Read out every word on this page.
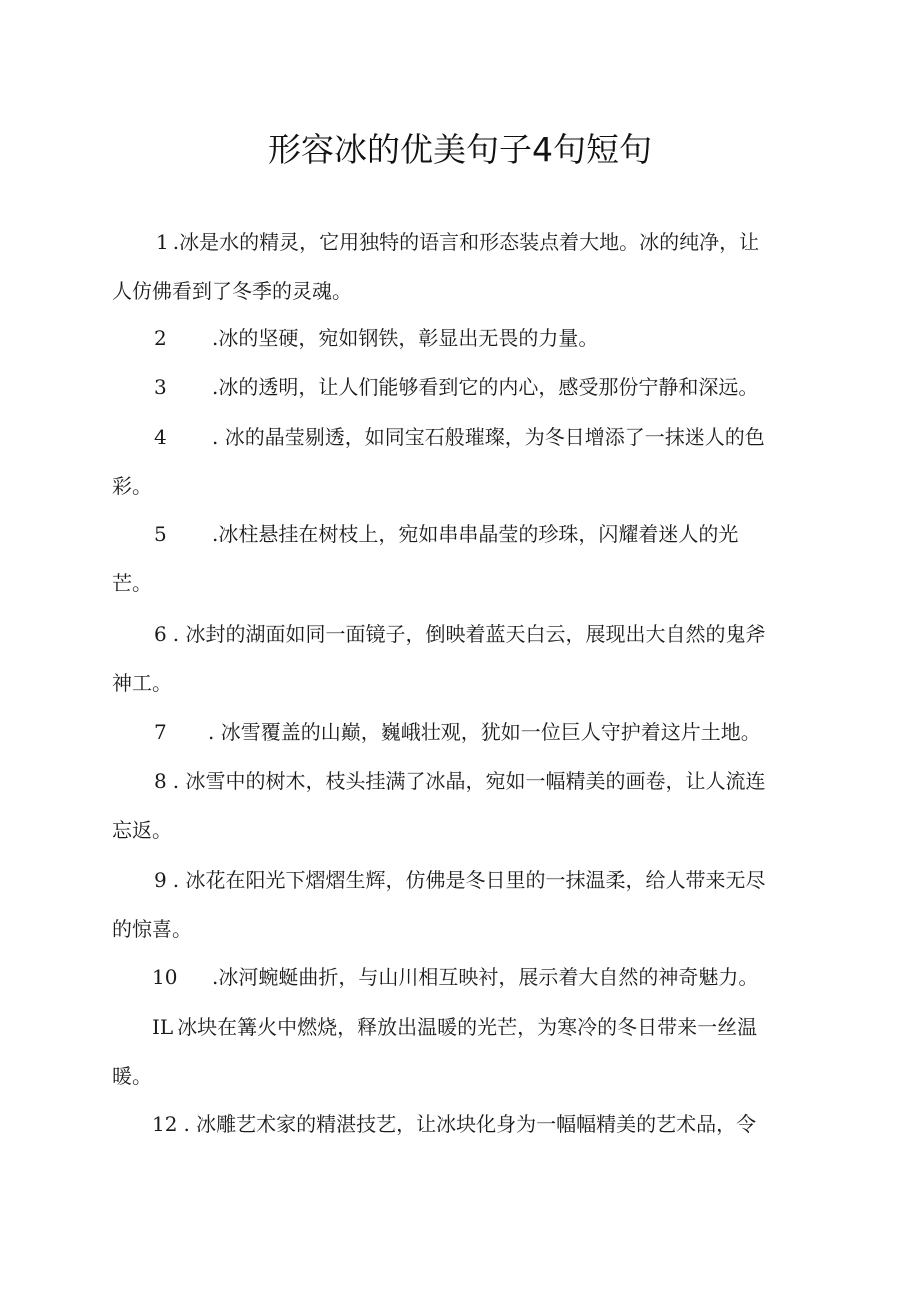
形容冰的优美句子4句短句
1 .冰是水的精灵，它用独特的语言和形态装点着大地。冰的纯净，让
人仿佛看到了冬季的灵魂。
2 .冰的坚硬，宛如钢铁，彰显出无畏的力量。
3 .冰的透明，让人们能够看到它的内心，感受那份宁静和深远。
4 . 冰的晶莹剔透，如同宝石般璀璨，为冬日增添了一抹迷人的色
彩。
5 .冰柱悬挂在树枝上，宛如串串晶莹的珍珠，闪耀着迷人的光
芒。
6 . 冰封的湖面如同一面镜子，倒映着蓝天白云，展现出大自然的鬼斧
神工。
7 . 冰雪覆盖的山巅，巍峨壮观，犹如一位巨人守护着这片土地。
8 . 冰雪中的树木，枝头挂满了冰晶，宛如一幅精美的画卷，让人流连
忘返。
9 . 冰花在阳光下熠熠生辉，仿佛是冬日里的一抹温柔，给人带来无尽
的惊喜。
10 .冰河蜿蜒曲折，与山川相互映衬，展示着大自然的神奇魅力。
IL 冰块在篝火中燃烧，释放出温暖的光芒，为寒冷的冬日带来一丝温
暖。
12 . 冰雕艺术家的精湛技艺，让冰块化身为一幅幅精美的艺术品，令
